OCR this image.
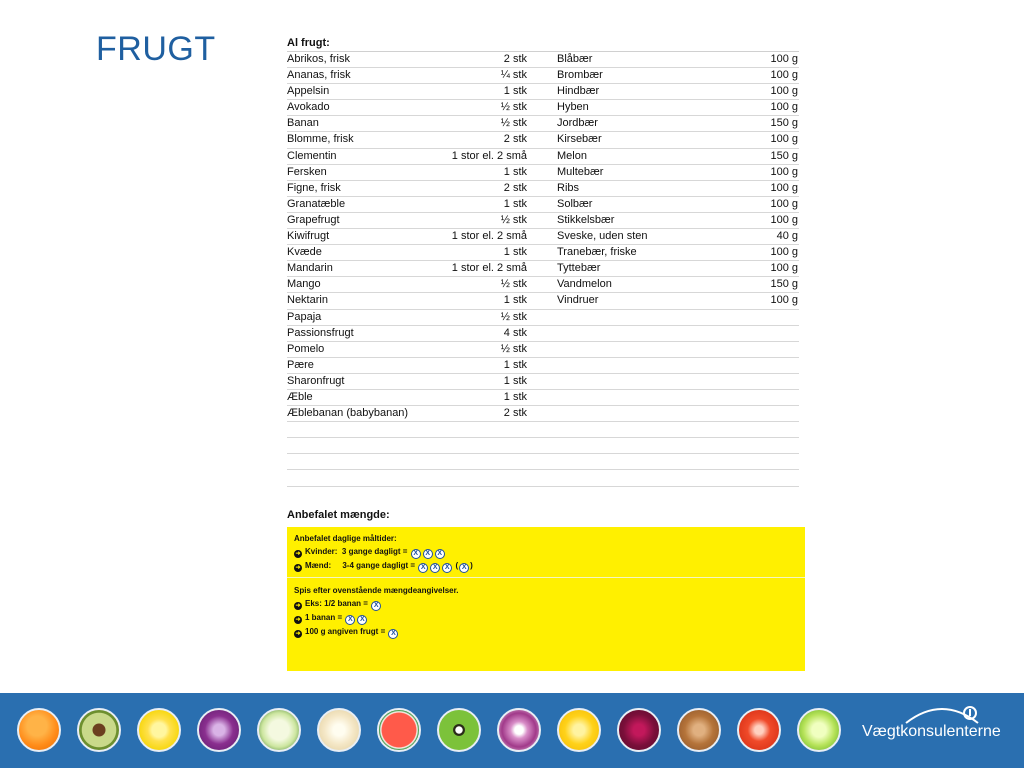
FRUGT	Al frugt:
Abrikos, frisk	2 stk	Blåbær	100 g
Ananas, frisk	¼ stk	Brombær	100 g
Appelsin	1 stk	Hindbær	100 g
Avokado	½ stk	Hyben	100 g
Banan	½ stk	Jordbær	150 g
Blomme, frisk	2 stk	Kirsebær	100 g
Clementin	1 stor el. 2 små	Melon	150 g
Fersken	1 stk	Multebær	100 g
Figne, frisk	2 stk	Ribs	100 g
Granatæble	1 stk	Solbær	100 g
Grapefrugt	½ stk	Stikkelsbær	100 g
Kiwifrugt	1 stor el. 2 små	Sveske, uden sten	40 g
Kvæde	1 stk	Tranebær, friske	100 g
Mandarin	1 stor el. 2 små	Tyttebær	100 g
Mango	½ stk	Vandmelon	150 g
Nektarin	1 stk	Vindruer	100 g
Papaja	½ stk
Passionsfrugt	4 stk
Pomelo	½ stk
Pære	1 stk
Sharonfrugt	1 stk
Æble	1 stk
Æblebanan (babybanan)	2 stk
Anbefalet mængde:
Anbefalet daglige måltider:
➜ Kvinder: 3 gange dagligt = X X X
➜ Mænd: 3-4 gange dagligt = X X X ( X )
Spis efter ovenstående mængdeangivelser.
➜ Eks: 1/2 banan = X
➜ 1 banan = X X
➜ 100 g angiven frugt = X
Vægtkonsulenterne
